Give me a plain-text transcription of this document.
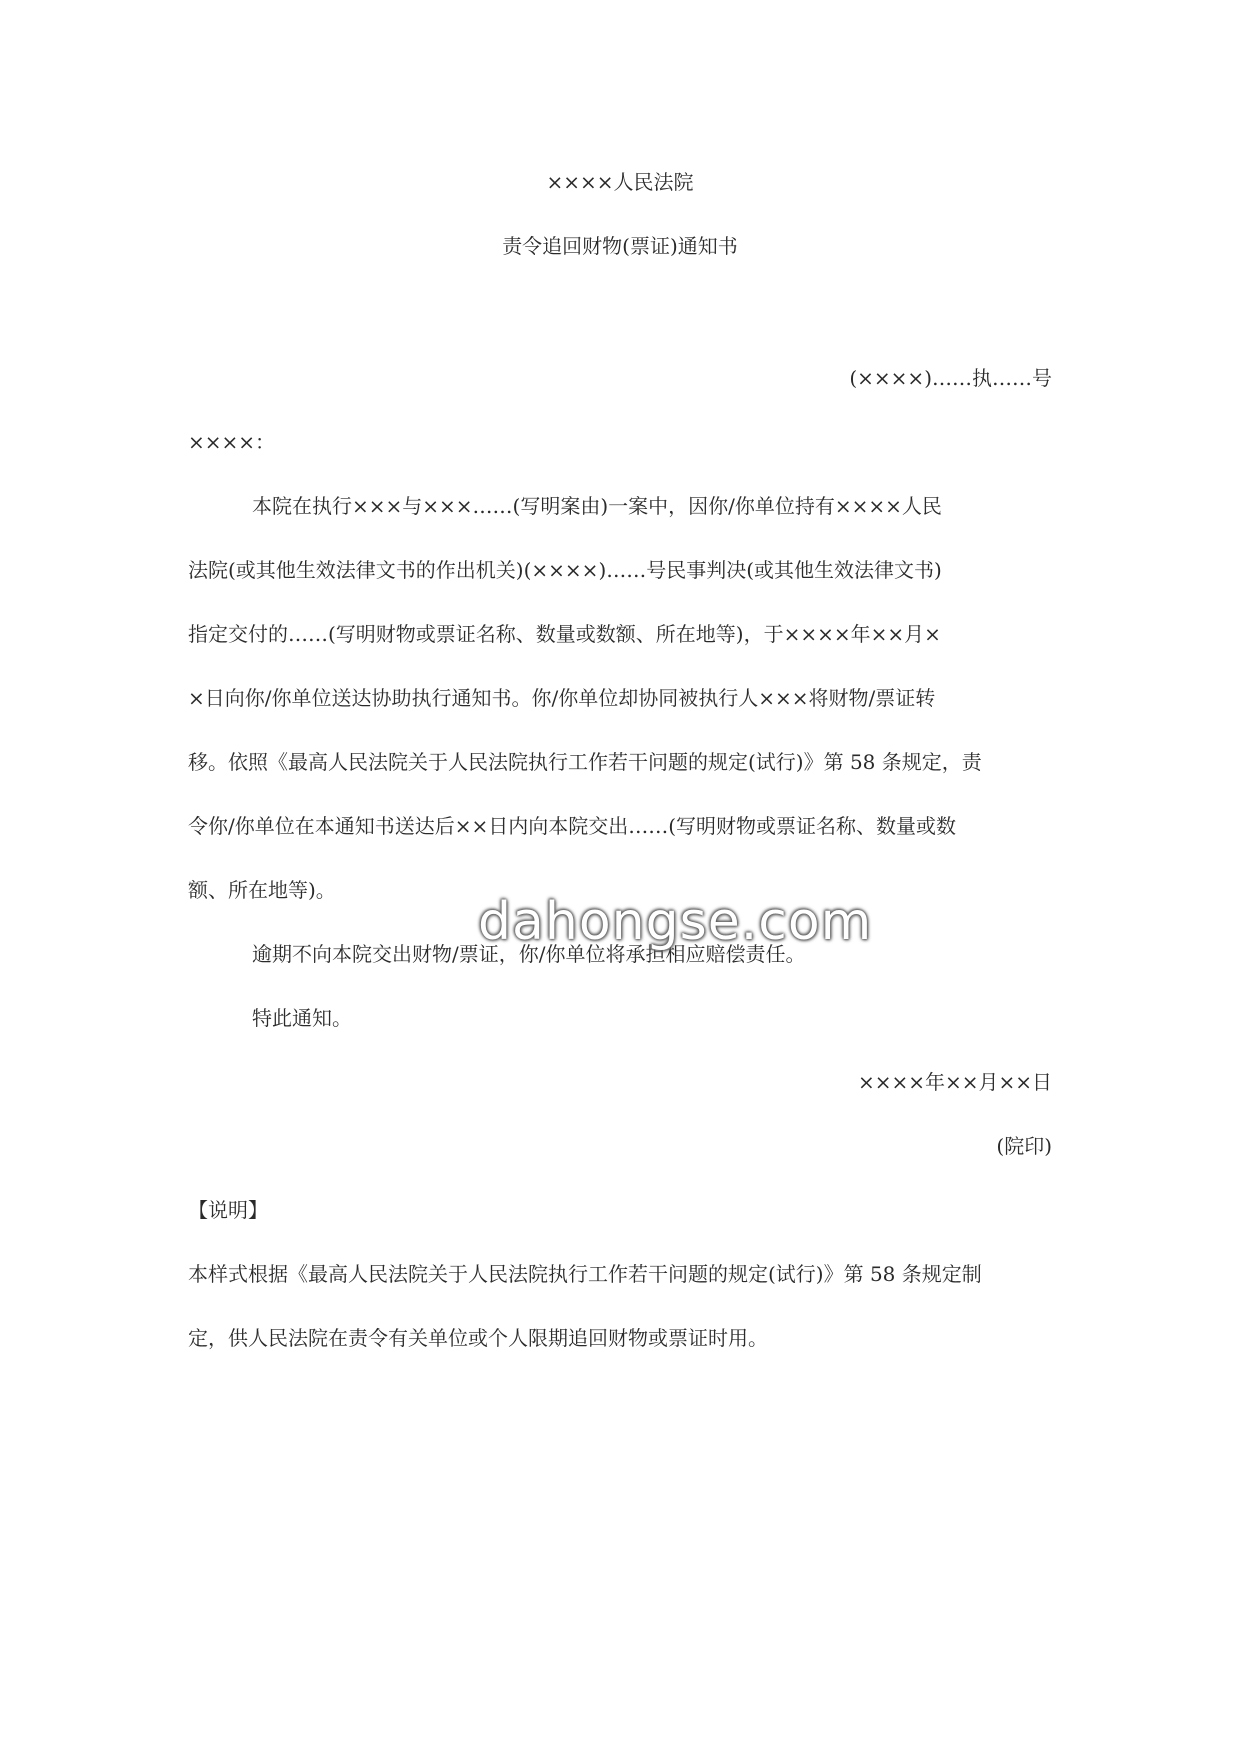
××××人民法院
责令追回财物(票证)通知书
(××××)……执……号
××××：
本院在执行×××与×××……(写明案由)一案中，因你/你单位持有××××人民
法院(或其他生效法律文书的作出机关)(××××)……号民事判决(或其他生效法律文书)
指定交付的……(写明财物或票证名称、数量或数额、所在地等)，于××××年××月×
×日向你/你单位送达协助执行通知书。你/你单位却协同被执行人×××将财物/票证转
移。依照《最高人民法院关于人民法院执行工作若干问题的规定(试行)》第 58 条规定，责
令你/你单位在本通知书送达后××日内向本院交出……(写明财物或票证名称、数量或数
额、所在地等)。
逾期不向本院交出财物/票证，你/你单位将承担相应赔偿责任。
特此通知。
××××年××月××日
(院印)
【说明】
本样式根据《最高人民法院关于人民法院执行工作若干问题的规定(试行)》第 58 条规定制
定，供人民法院在责令有关单位或个人限期追回财物或票证时用。
dahongse.com
